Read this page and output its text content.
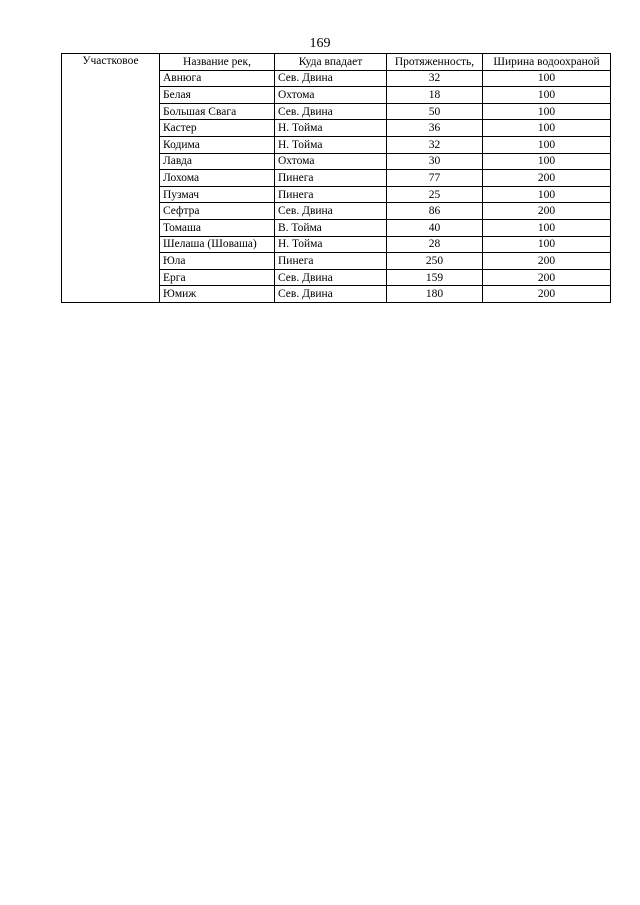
169
Участковое	Название рек,	Куда впадает	Протяженность,	Ширина водоохраной
	Авнюга	Сев. Двина	32	100
	Белая	Охтома	18	100
	Большая Свага	Сев. Двина	50	100
	Кастер	Н. Тойма	36	100
	Кодима	Н. Тойма	32	100
	Лавда	Охтома	30	100
	Лохома	Пинега	77	200
	Пузмач	Пинега	25	100
	Сефтра	Сев. Двина	86	200
	Томаша	В. Тойма	40	100
	Шелаша (Шоваша)	Н. Тойма	28	100
	Юла	Пинега	250	200
	Ерга	Сев. Двина	159	200
	Юмиж	Сев. Двина	180	200
